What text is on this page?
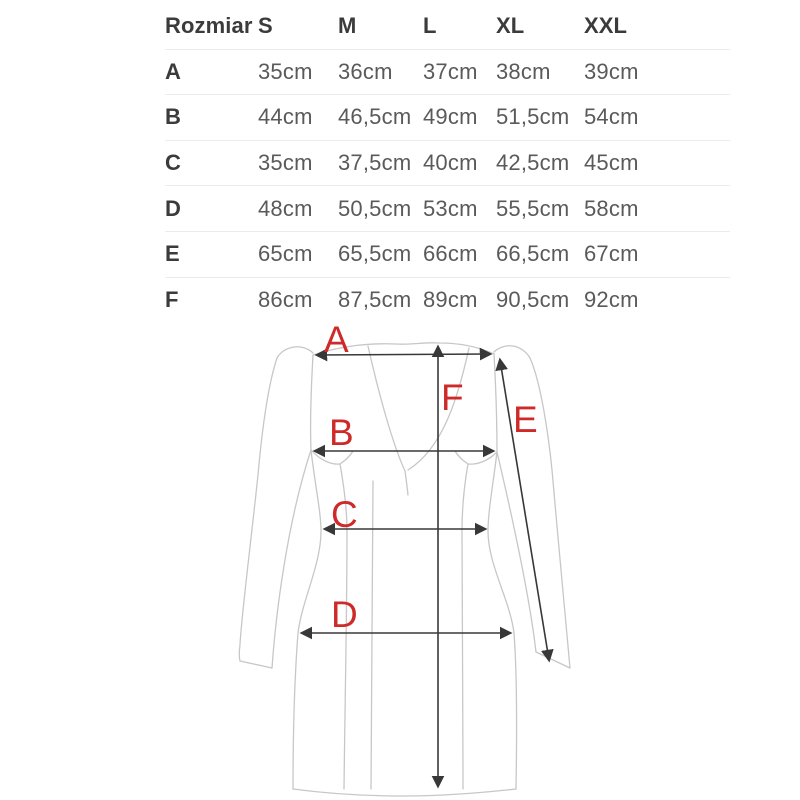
Rozmiar S	M	L	XL	XXL
A	35cm	36cm	37cm 38cm	39cm
B	44cm	46,5cm 49cm 51,5cm 54cm
C	35cm	37,5cm 40cm 42,5cm 45cm
D	48cm	50,5cm 53cm 55,5cm 58cm
E	65cm	65,5cm 66cm 66,5cm 67cm
F	86cm	87,5cm 89cm 90,5cm 92cm
A
B
C
D
E
F
